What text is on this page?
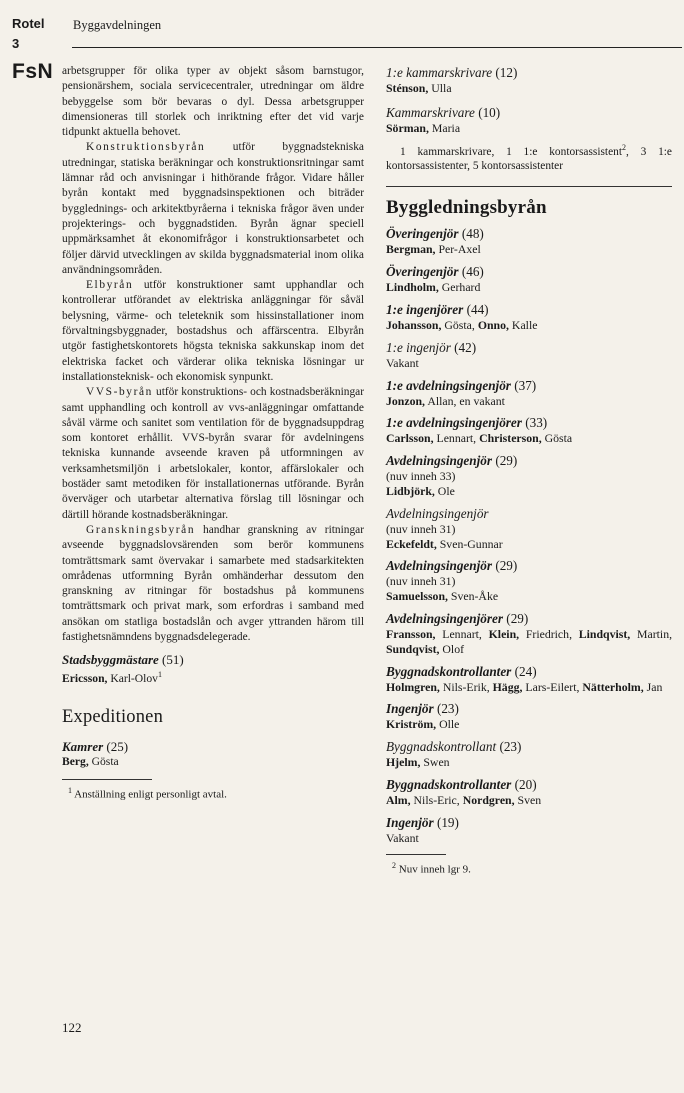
Rotel
3
Byggavdelningen
FsN arbetsgrupper för olika typer av objekt såsom barnstugor, pensionärshem, sociala servicecentraler, utredningar om äldre bebyggelse som bör bevaras o dyl. Dessa arbetsgrupper dimensioneras till storlek och inriktning efter det vid varje tidpunkt aktuella behovet.

Konstruktionsbyrån utför byggnadstekniska utredningar, statiska beräkningar och konstruktionsritningar samt lämnar råd och anvisningar i hithörande frågor. Vidare håller byrån kontakt med byggnadsinspektionen och biträder bygglednings- och arkitektbyråerna i tekniska frågor även under projekterings- och byggnadstiden. Byrån ägnar speciell uppmärksamhet åt ekonomifrågor i konstruktionsarbetet och följer därvid utvecklingen av skilda byggnadsmaterial inom olika användningsområden.

Elbyrån utför konstruktioner samt upphandlar och kontrollerar utförandet av elektriska anläggningar för såväl belysning, värme- och teleteknik som hissinstallationer inom förvaltningsbyggnader, bostadshus och affärscentra. Elbyrån utgör fastighetskontorets högsta tekniska sakkunskap inom det elektriska facket och värderar olika tekniska lösningar ur installationsteknisk- och ekonomisk synpunkt.

VVS-byrån utför konstruktions- och kostnadsberäkningar samt upphandling och kontroll av vvs-anläggningar omfattande såväl värme och sanitet som ventilation för de byggnadsuppdrag som kontoret erhållit. VVS-byrån svarar för avdelningens tekniska kunnande avseende kraven på utformningen av verksamhetsmiljön i arbetslokaler, kontor, affärslokaler och bostäder samt metodiken för installationernas utförande. Byrån överväger och utarbetar alternativa förslag till lösningar och därtill hörande kostnadsberäkningar.

Granskningsbyrån handhar granskning av ritningar avseende byggnadslovsärenden som berör kommunens tomträttsmark samt övervakar i samarbete med stadsarkitekten områdenas utformning Byrån omhänderhar dessutom den granskning av ritningar för bostadshus på kommunens tomträttsmark och privat mark, som erfordras i samband med ansökan om statliga bostadslån och avger yttranden härom till fastighetsnämndens byggnadsdelegerade.

Stadsbyggmästare (51)

Ericsson, Karl-Olov$^1$

Expeditionen

Kamrer (25)

Berg, Gösta

$^1$ Anställning enligt personligt avtal.

122

1:e kammarskrivare (12)

Sténson, Ulla

Kammarskrivare (10)

Sörman, Maria

1 kammarskrivare, 1 1:e kontorsassistent$^2$, 3 1:e kontorsassistenter, 5 kontorsassistenter

Byggledningsbyrån

Överingenjör (48)

Bergman, Per-Axel

Överingenjör (46)

Lindholm, Gerhard

1:e ingenjörer (44)

Johansson, Gösta, Onno, Kalle

1:e ingenjör (42)

Vakant

1:e avdelningsingenjör (37)

Jonzon, Allan, en vakant

1:e avdelningsingenjörer (33)

Carlsson, Lennart, Christerson, Gösta

Avdelningsingenjör (29)

(nuv inneh 33)

Lidbjörk, Ole

Avdelningsingenjör

(nuv inneh 31)

Eckefeldt, Sven-Gunnar

Avdelningsingenjör (29)

(nuv inneh 31)

Samuelsson, Sven-Åke

Avdelningsingenjörer (29)

Fransson, Lennart, Klein, Friedrich, Lindqvist, Martin, Sundqvist, Olof

Byggnadskontrollanter (24)

Holmgren, Nils-Erik, Hägg, Lars-Eilert, Nätterholm, Jan

Ingenjör (23)

Kriström, Olle

Byggnadskontrollant (23)

Hjelm, Swen

Byggnadskontrollanter (20)

Alm, Nils-Eric, Nordgren, Sven

Ingenjör (19)

Vakant

$^2$ Nuv inneh lgr 9.
